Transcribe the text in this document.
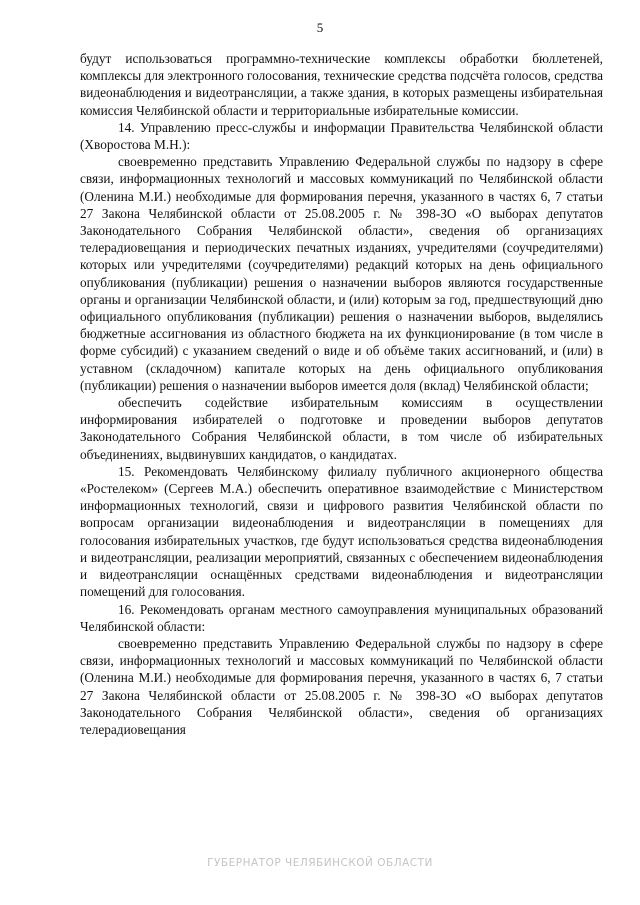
5

будут использоваться программно-технические комплексы обработки бюллетеней, комплексы для электронного голосования, технические средства подсчёта голосов, средства видеонаблюдения и видеотрансляции, а также здания, в которых размещены избирательная комиссия Челябинской области и территориальные избирательные комиссии.

14. Управлению пресс-службы и информации Правительства Челябинской области (Хворостова М.Н.):

своевременно представить Управлению Федеральной службы по надзору в сфере связи, информационных технологий и массовых коммуникаций по Челябинской области (Оленина М.И.) необходимые для формирования перечня, указанного в частях 6, 7 статьи 27 Закона Челябинской области от 25.08.2005 г. № 398-ЗО «О выборах депутатов Законодательного Собрания Челябинской области», сведения об организациях телерадиовещания и периодических печатных изданиях, учредителями (соучредителями) которых или учредителями (соучредителями) редакций которых на день официального опубликования (публикации) решения о назначении выборов являются государственные органы и организации Челябинской области, и (или) которым за год, предшествующий дню официального опубликования (публикации) решения о назначении выборов, выделялись бюджетные ассигнования из областного бюджета на их функционирование (в том числе в форме субсидий) с указанием сведений о виде и об объёме таких ассигнований, и (или) в уставном (складочном) капитале которых на день официального опубликования (публикации) решения о назначении выборов имеется доля (вклад) Челябинской области;

обеспечить содействие избирательным комиссиям в осуществлении информирования избирателей о подготовке и проведении выборов депутатов Законодательного Собрания Челябинской области, в том числе об избирательных объединениях, выдвинувших кандидатов, о кандидатах.

15. Рекомендовать Челябинскому филиалу публичного акционерного общества «Ростелеком» (Сергеев М.А.) обеспечить оперативное взаимодействие с Министерством информационных технологий, связи и цифрового развития Челябинской области по вопросам организации видеонаблюдения и видеотрансляции в помещениях для голосования избирательных участков, где будут использоваться средства видеонаблюдения и видеотрансляции, реализации мероприятий, связанных с обеспечением видеонаблюдения и видеотрансляции оснащённых средствами видеонаблюдения и видеотрансляции помещений для голосования.

16. Рекомендовать органам местного самоуправления муниципальных образований Челябинской области:

своевременно представить Управлению Федеральной службы по надзору в сфере связи, информационных технологий и массовых коммуникаций по Челябинской области (Оленина М.И.) необходимые для формирования перечня, указанного в частях 6, 7 статьи 27 Закона Челябинской области от 25.08.2005 г. № 398-ЗО «О выборах депутатов Законодательного Собрания Челябинской области», сведения об организациях телерадиовещания

ГУБЕРНАТОР ЧЕЛЯБИНСКОЙ ОБЛАСТИ
